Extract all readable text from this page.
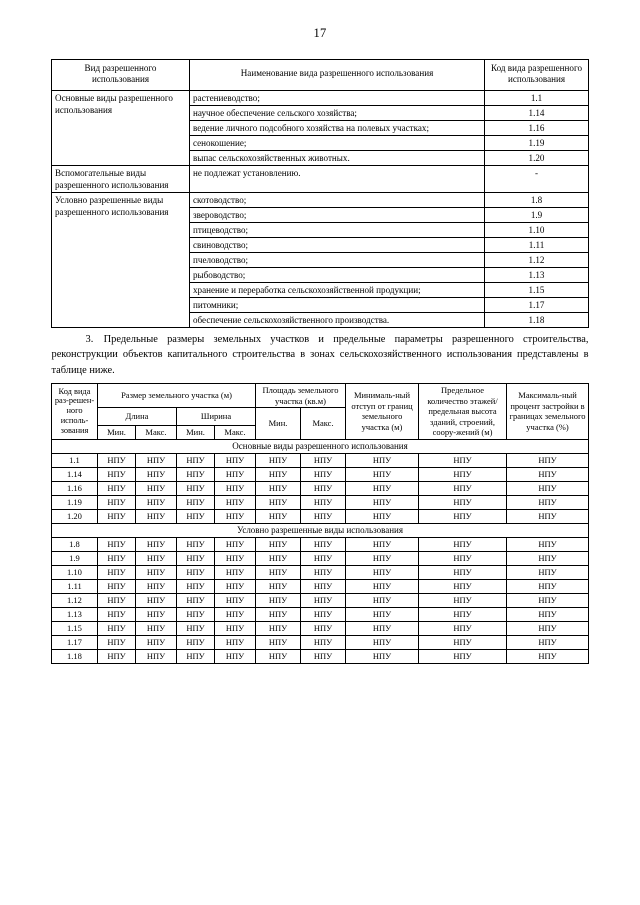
17
Вид разрешенного использования	Наименование вида разрешенного использования	Код вида разрешенного использования
Основные виды разрешенного использования	растениеводство;	1.1
	научное обеспечение сельского хозяйства;	1.14
	ведение личного подсобного хозяйства на полевых участках;	1.16
	сенокошение;	1.19
	выпас сельскохозяйственных животных.	1.20
Вспомогательные виды разрешенного использования	не подлежат установлению.	-
Условно разрешенные виды разрешенного использования	скотоводство;	1.8
	звероводство;	1.9
	птицеводство;	1.10
	свиноводство;	1.11
	пчеловодство;	1.12
	рыбоводство;	1.13
	хранение и переработка сельскохозяйственной продукции;	1.15
	питомники;	1.17
	обеспечение сельскохозяйственного производства.	1.18

3. Предельные размеры земельных участков и предельные параметры разрешенного строительства, реконструкции объектов капитального строительства в зонах сельскохозяйственного использования представлены в таблице ниже.

Код вида раз-решен-ного исполь-зования	Размер земельного участка (м)				Площадь земельного участка (кв.м)		Минималь-ный отступ от границ земельного участка (м)	Предельное количество этажей/ предельная высота зданий, строений, соору-жений (м)	Максималь-ный процент застройки в границах земельного участка (%)
	Длина		Ширина		Мин.	Макс.			
	Мин.	Макс.	Мин.	Макс.					
Основные виды разрешенного использования									
1.1	НПУ	НПУ	НПУ	НПУ	НПУ	НПУ	НПУ	НПУ	НПУ
1.14	НПУ	НПУ	НПУ	НПУ	НПУ	НПУ	НПУ	НПУ	НПУ
1.16	НПУ	НПУ	НПУ	НПУ	НПУ	НПУ	НПУ	НПУ	НПУ
1.19	НПУ	НПУ	НПУ	НПУ	НПУ	НПУ	НПУ	НПУ	НПУ
1.20	НПУ	НПУ	НПУ	НПУ	НПУ	НПУ	НПУ	НПУ	НПУ
Условно разрешенные виды использования									
1.8	НПУ	НПУ	НПУ	НПУ	НПУ	НПУ	НПУ	НПУ	НПУ
1.9	НПУ	НПУ	НПУ	НПУ	НПУ	НПУ	НПУ	НПУ	НПУ
1.10	НПУ	НПУ	НПУ	НПУ	НПУ	НПУ	НПУ	НПУ	НПУ
1.11	НПУ	НПУ	НПУ	НПУ	НПУ	НПУ	НПУ	НПУ	НПУ
1.12	НПУ	НПУ	НПУ	НПУ	НПУ	НПУ	НПУ	НПУ	НПУ
1.13	НПУ	НПУ	НПУ	НПУ	НПУ	НПУ	НПУ	НПУ	НПУ
1.15	НПУ	НПУ	НПУ	НПУ	НПУ	НПУ	НПУ	НПУ	НПУ
1.17	НПУ	НПУ	НПУ	НПУ	НПУ	НПУ	НПУ	НПУ	НПУ
1.18	НПУ	НПУ	НПУ	НПУ	НПУ	НПУ	НПУ	НПУ	НПУ
